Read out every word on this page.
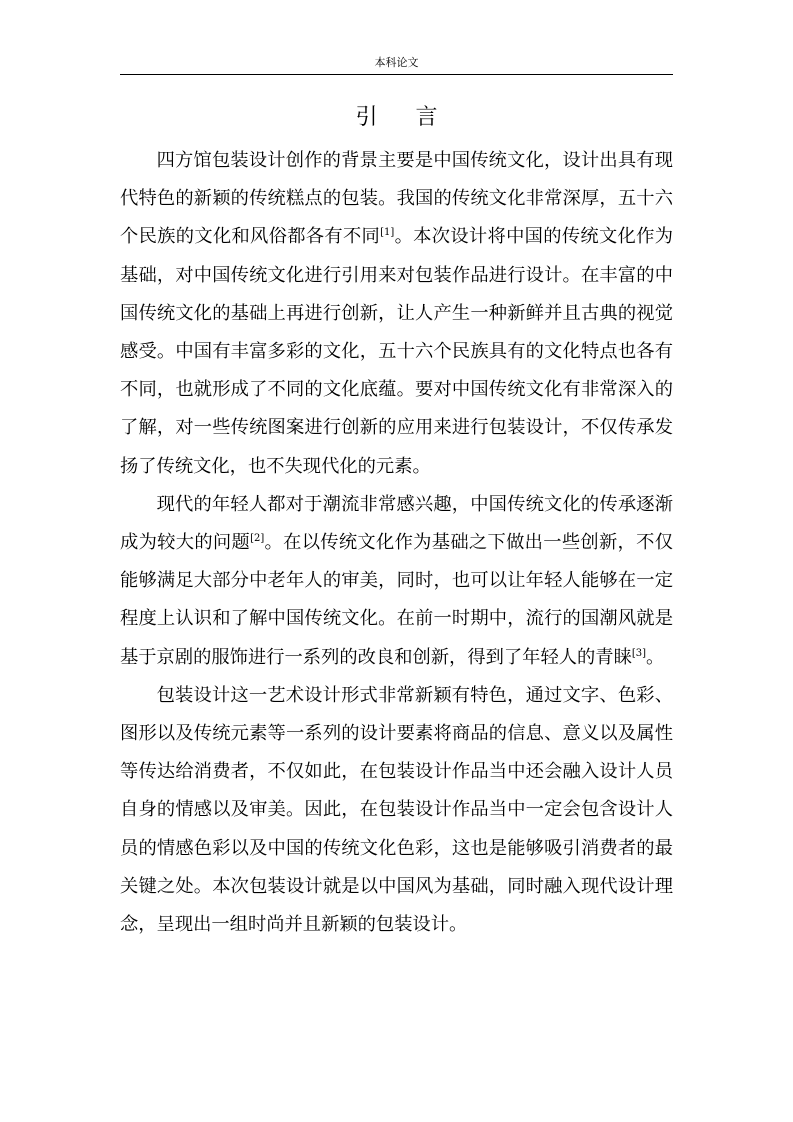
本科论文
引言
四方馆包装设计创作的背景主要是中国传统文化，设计出具有现
代特色的新颖的传统糕点的包装。我国的传统文化非常深厚，五十六
个民族的文化和风俗都各有不同[1]。本次设计将中国的传统文化作为
基础，对中国传统文化进行引用来对包装作品进行设计。在丰富的中
国传统文化的基础上再进行创新，让人产生一种新鲜并且古典的视觉
感受。中国有丰富多彩的文化，五十六个民族具有的文化特点也各有
不同，也就形成了不同的文化底蕴。要对中国传统文化有非常深入的
了解，对一些传统图案进行创新的应用来进行包装设计，不仅传承发
扬了传统文化，也不失现代化的元素。
现代的年轻人都对于潮流非常感兴趣，中国传统文化的传承逐渐
成为较大的问题[2]。在以传统文化作为基础之下做出一些创新，不仅
能够满足大部分中老年人的审美，同时，也可以让年轻人能够在一定
程度上认识和了解中国传统文化。在前一时期中，流行的国潮风就是
基于京剧的服饰进行一系列的改良和创新，得到了年轻人的青睐[3]。
包装设计这一艺术设计形式非常新颖有特色，通过文字、色彩、
图形以及传统元素等一系列的设计要素将商品的信息、意义以及属性
等传达给消费者，不仅如此，在包装设计作品当中还会融入设计人员
自身的情感以及审美。因此，在包装设计作品当中一定会包含设计人
员的情感色彩以及中国的传统文化色彩，这也是能够吸引消费者的最
关键之处。本次包装设计就是以中国风为基础，同时融入现代设计理
念，呈现出一组时尚并且新颖的包装设计。
